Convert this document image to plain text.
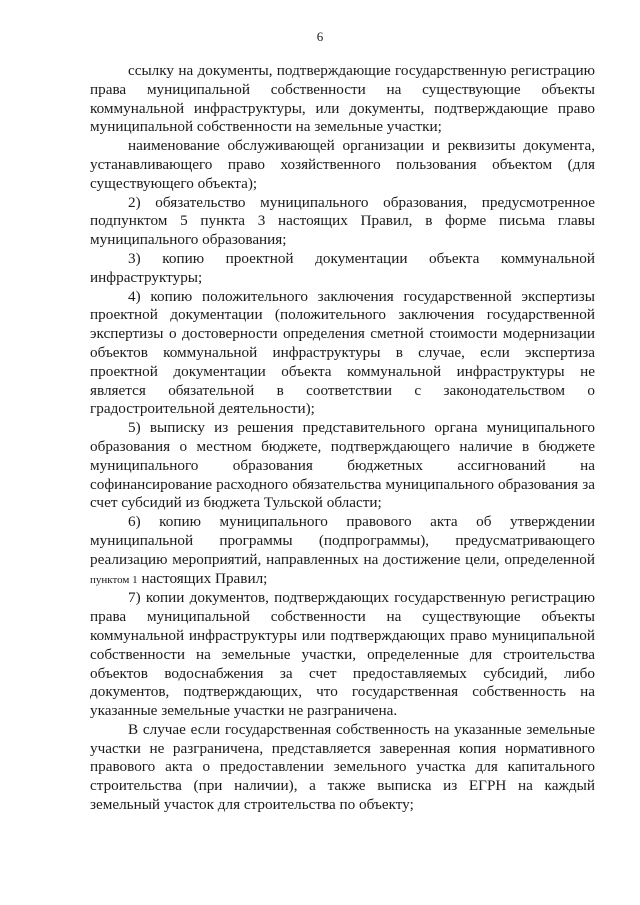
6

ссылку на документы, подтверждающие государственную регистрацию права муниципальной собственности на существующие объекты коммунальной инфраструктуры, или документы, подтверждающие право муниципальной собственности на земельные участки;

наименование обслуживающей организации и реквизиты документа, устанавливающего право хозяйственного пользования объектом (для существующего объекта);

2) обязательство муниципального образования, предусмотренное подпунктом 5 пункта 3 настоящих Правил, в форме письма главы муниципального образования;

3) копию проектной документации объекта коммунальной инфраструктуры;

4) копию положительного заключения государственной экспертизы проектной документации (положительного заключения государственной экспертизы о достоверности определения сметной стоимости модернизации объектов коммунальной инфраструктуры в случае, если экспертиза проектной документации объекта коммунальной инфраструктуры не является обязательной в соответствии с законодательством о градостроительной деятельности);

5) выписку из решения представительного органа муниципального образования о местном бюджете, подтверждающего наличие в бюджете муниципального образования бюджетных ассигнований на софинансирование расходного обязательства муниципального образования за счет субсидий из бюджета Тульской области;

6) копию муниципального правового акта об утверждении муниципальной программы (подпрограммы), предусматривающего реализацию мероприятий, направленных на достижение цели, определенной пунктом 1 настоящих Правил;

7) копии документов, подтверждающих государственную регистрацию права муниципальной собственности на существующие объекты коммунальной инфраструктуры или подтверждающих право муниципальной собственности на земельные участки, определенные для строительства объектов водоснабжения за счет предоставляемых субсидий, либо документов, подтверждающих, что государственная собственность на указанные земельные участки не разграничена.

В случае если государственная собственность на указанные земельные участки не разграничена, представляется заверенная копия нормативного правового акта о предоставлении земельного участка для капитального строительства (при наличии), а также выписка из ЕГРН на каждый земельный участок для строительства по объекту;
